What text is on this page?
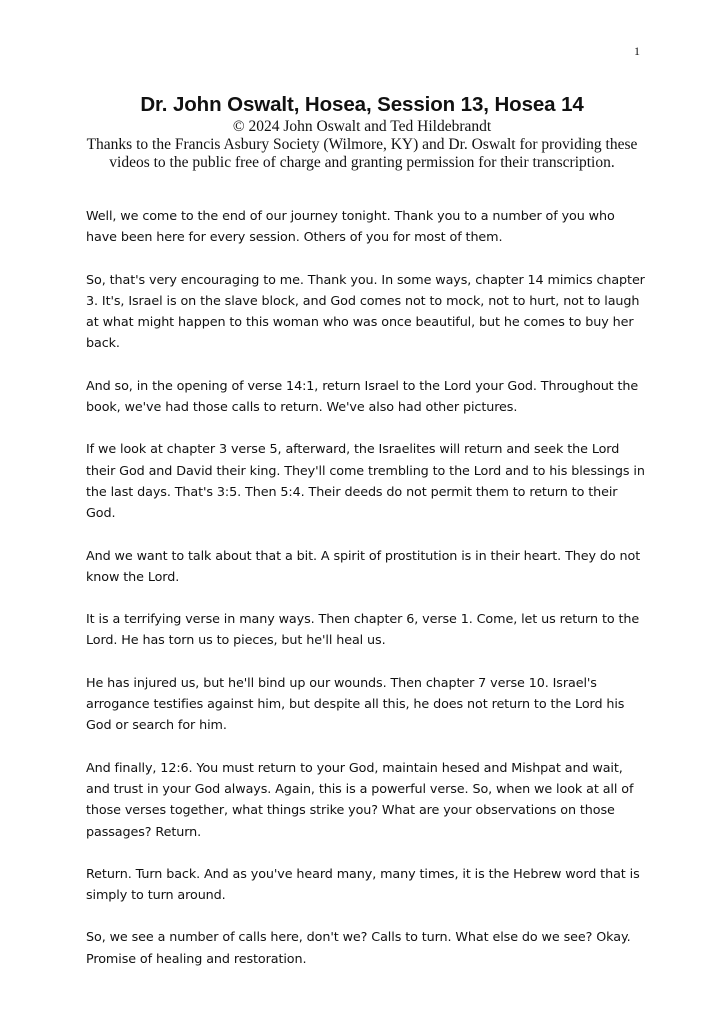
1
Dr. John Oswalt, Hosea, Session 13, Hosea 14
© 2024 John Oswalt and Ted Hildebrandt
Thanks to the Francis Asbury Society (Wilmore, KY) and Dr. Oswalt for providing these videos to the public free of charge and granting permission for their transcription.

Well, we come to the end of our journey tonight. Thank you to a number of you who have been here for every session. Others of you for most of them.

So, that's very encouraging to me. Thank you. In some ways, chapter 14 mimics chapter 3. It's, Israel is on the slave block, and God comes not to mock, not to hurt, not to laugh at what might happen to this woman who was once beautiful, but he comes to buy her back.

And so, in the opening of verse 14:1, return Israel to the Lord your God. Throughout the book, we've had those calls to return. We've also had other pictures.

If we look at chapter 3 verse 5, afterward, the Israelites will return and seek the Lord their God and David their king. They'll come trembling to the Lord and to his blessings in the last days. That's 3:5. Then 5:4. Their deeds do not permit them to return to their God.

And we want to talk about that a bit. A spirit of prostitution is in their heart. They do not know the Lord.

It is a terrifying verse in many ways. Then chapter 6, verse 1. Come, let us return to the Lord. He has torn us to pieces, but he'll heal us.

He has injured us, but he'll bind up our wounds. Then chapter 7 verse 10. Israel's arrogance testifies against him, but despite all this, he does not return to the Lord his God or search for him.

And finally, 12:6. You must return to your God, maintain hesed and Mishpat and wait, and trust in your God always. Again, this is a powerful verse. So, when we look at all of those verses together, what things strike you? What are your observations on those passages? Return.

Return. Turn back. And as you've heard many, many times, it is the Hebrew word that is simply to turn around.

So, we see a number of calls here, don't we? Calls to turn. What else do we see? Okay. Promise of healing and restoration.
